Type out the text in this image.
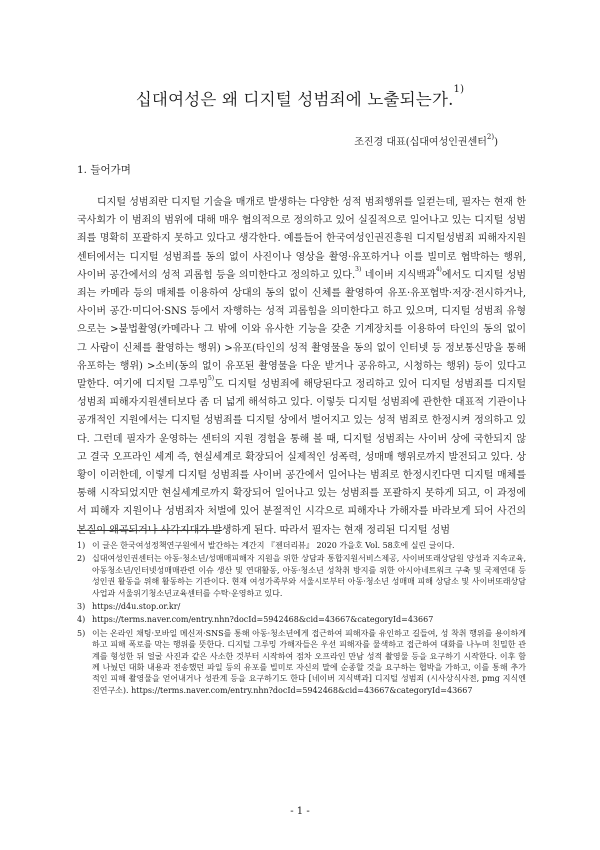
십대여성은 왜 디지털 성범죄에 노출되는가.$^{1)}$
조진경 대표(십대여성인권센터$^{2)}$)
1. 들어가며

디지털 성범죄란 디지털 기술을 매개로 발생하는 다양한 성적 범죄행위를 일컫는데, 필자는 현재 한국사회가 이 범죄의 범위에 대해 매우 협의적으로 정의하고 있어 실질적으로 일어나고 있는 디지털 성범죄를 명확히 포괄하지 못하고 있다고 생각한다. 예를들어 한국여성인권진흥원 디지털성범죄 피해자지원센터에서는 디지털 성범죄를 동의 없이 사진이나 영상을 촬영·유포하거나 이를 빌미로 협박하는 행위, 사이버 공간에서의 성적 괴롭힘 등을 의미한다고 정의하고 있다.$^{3)}$ 네이버 지식백과$^{4)}$에서도 디지털 성범죄는 카메라 등의 매체를 이용하여 상대의 동의 없이 신체를 촬영하여 유포·유포협박·저장·전시하거나, 사이버 공간·미디어·SNS 등에서 자행하는 성적 괴롭힘을 의미한다고 하고 있으며, 디지털 성범죄 유형으로는 >불법촬영(카메라나 그 밖에 이와 유사한 기능을 갖춘 기계장치를 이용하여 타인의 동의 없이 그 사람이 신체를 촬영하는 행위) >유포(타인의 성적 촬영물을 동의 없이 인터넷 등 정보통신망을 통해 유포하는 행위) >소비(동의 없이 유포된 촬영물을 다운 받거나 공유하고, 시청하는 행위) 등이 있다고 말한다. 여기에 디지털 그루밍$^{5)}$도 디지털 성범죄에 해당된다고 정리하고 있어 디지털 성범죄를 디지털성범죄 피해자지원센터보다 좀 더 넓게 해석하고 있다. 이렇듯 디지털 성범죄에 관한한 대표적 기관이나 공개적인 지원에서는 디지털 성범죄를 디지털 상에서 벌어지고 있는 성적 범죄로 한정시켜 정의하고 있다. 그런데 필자가 운영하는 센터의 지원 경험을 통해 볼 때, 디지털 성범죄는 사이버 상에 국한되지 않고 결국 오프라인 세계 즉, 현실세계로 확장되어 실제적인 성폭력, 성매매 행위로까지 발전되고 있다. 상황이 이러한데, 이렇게 디지털 성범죄를 사이버 공간에서 일어나는 범죄로 한정시킨다면 디지털 매체를 통해 시작되었지만 현실세계로까지 확장되어 일어나고 있는 성범죄를 포괄하지 못하게 되고, 이 과정에서 피해자 지원이나 성범죄자 처벌에 있어 분절적인 시각으로 피해자나 가해자를 바라보게 되어 사건의 본질이 왜곡되거나 사각지대가 발생하게 된다. 따라서 필자는 현재 정리된 디지털 성범

1) 이 글은 한국여성정책연구원에서 발간하는 계간지 『젠더리뷰』 2020 가을호 Vol. 58호에 실린 글이다.
2) 십대여성인권센터는 아동·청소년/성매매피해자 지원을 위한 상담과 통합지원서비스제공, 사이버또래상담원 양성과 지속교육, 아동청소년/인터넷성매매관련 이슈 생산 및 연대활동, 아동·청소년 성착취 방지를 위한 아시아네트워크 구축 및 국제연대 등 성인권 활동을 위해 활동하는 기관이다. 현재 여성가족부와 서울시로부터 아동·청소년 성매매 피해 상담소 및 사이버또래상담사업과 서울위기청소년교육센터를 수탁·운영하고 있다.
3) https://d4u.stop.or.kr/
4) https://terms.naver.com/entry.nhn?docId=5942468&cid=43667&categoryId=43667
5) 이는 온라인 채팅·모바일 메신저·SNS를 통해 아동·청소년에게 접근하여 피해자를 유인하고 길들여, 성 착취 행위를 용이하게 하고 피해 폭로를 막는 행위를 뜻한다. 디지털 그루밍 가해자들은 우선 피해자를 물색하고 접근하여 대화를 나누며 친밀한 관계를 형성한 뒤 얼굴 사진과 같은 사소한 것부터 시작하여 점차 오프라인 만남 성적 촬영물 등을 요구하기 시작한다. 이후 함께 나눴던 대화 내용과 전송했던 파일 등의 유포를 빌미로 자신의 말에 순종할 것을 요구하는 협박을 가하고, 이를 통해 추가적인 피해 촬영물을 얻어내거나 성관계 등을 요구하기도 한다 [네이버 지식백과] 디지털 성범죄 (시사상식사전, pmg 지식엔진연구소). https://terms.naver.com/entry.nhn?docId=5942468&cid=43667&categoryId=43667
- 1 -
